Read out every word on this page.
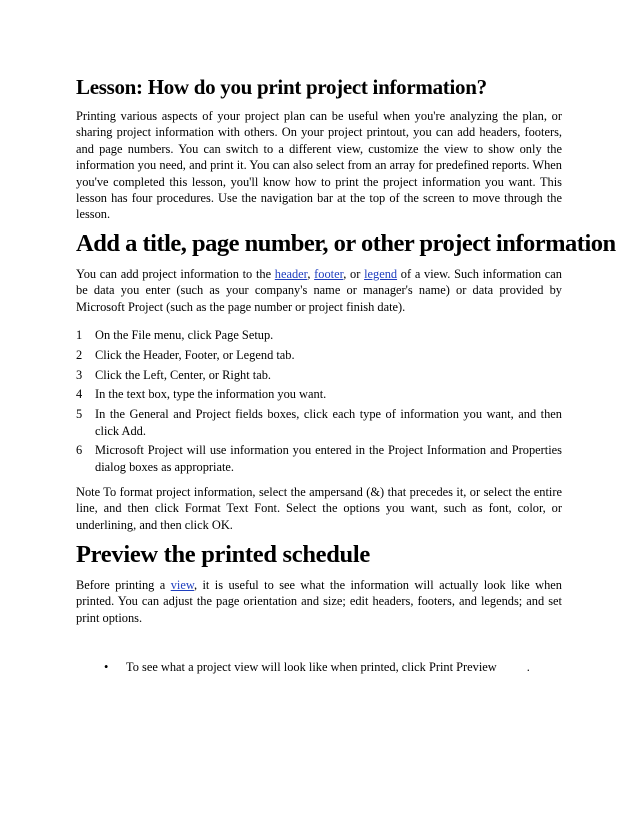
Lesson: How do you print project information?

Printing various aspects of your project plan can be useful when you're analyzing the plan, or sharing project information with others. On your project printout, you can add headers, footers, and page numbers. You can switch to a different view, customize the view to show only the information you need, and print it. You can also select from an array for predefined reports. When you've completed this lesson, you'll know how to print the project information you want. This lesson has four procedures. Use the navigation bar at the top of the screen to move through the lesson.

Add a title, page number, or other project information

You can add project information to the header, footer, or legend of a view. Such information can be data you enter (such as your company's name or manager's name) or data provided by Microsoft Project (such as the page number or project finish date).

1	On the File menu, click Page Setup.
2	Click the Header, Footer, or Legend tab.
3	Click the Left, Center, or Right tab.
4	In the text box, type the information you want.
5	In the General and Project fields boxes, click each type of information you want, and then click Add.
6	Microsoft Project will use information you entered in the Project Information and Properties dialog boxes as appropriate.

Note To format project information, select the ampersand (&) that precedes it, or select the entire line, and then click Format Text Font. Select the options you want, such as font, color, or underlining, and then click OK.

Preview the printed schedule

Before printing a view, it is useful to see what the information will actually look like when printed. You can adjust the page orientation and size; edit headers, footers, and legends; and set print options.

•	To see what a project view will look like when printed, click Print Preview .
